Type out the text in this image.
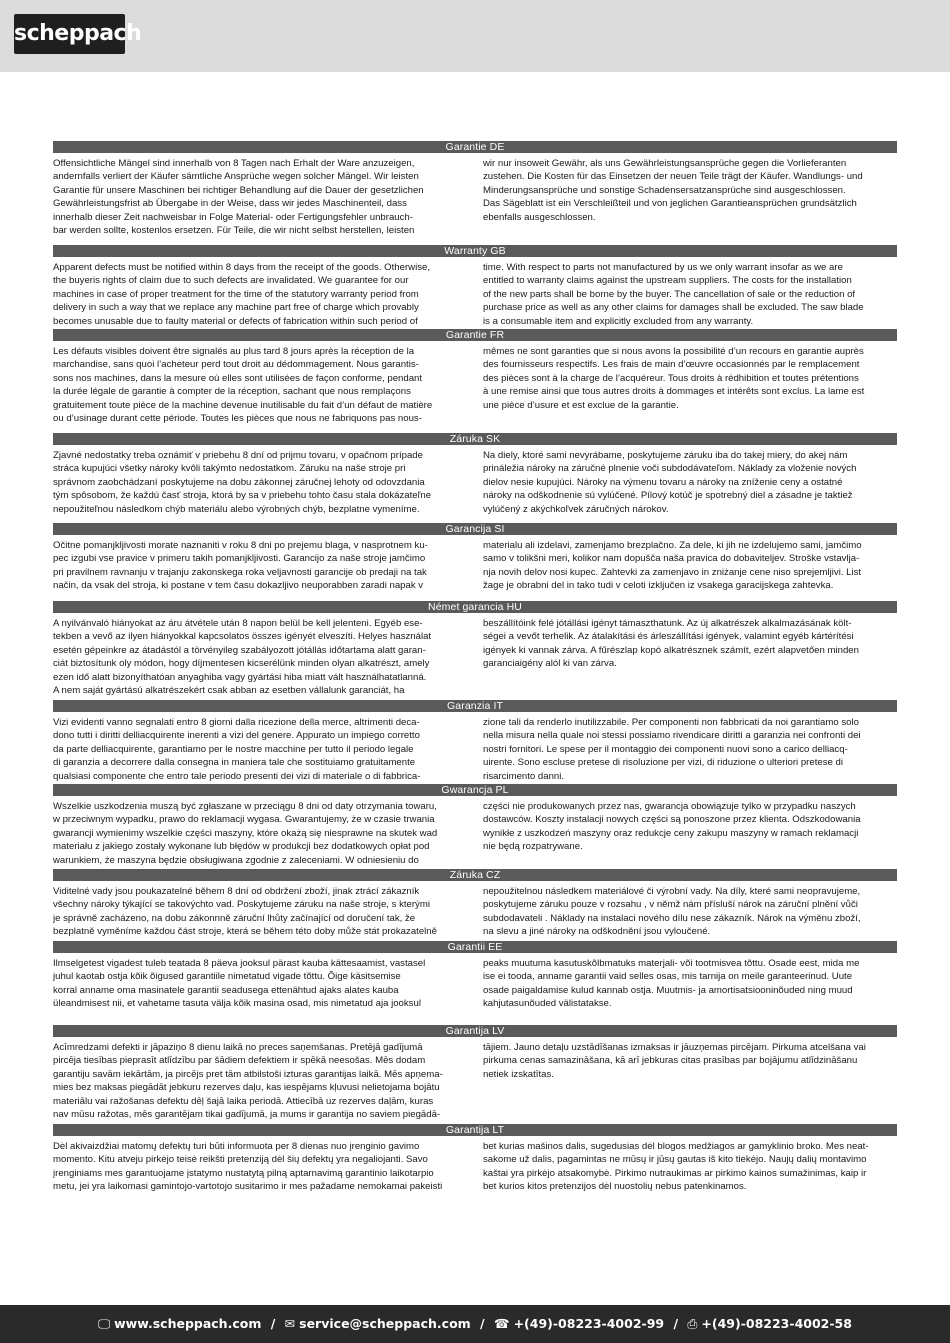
scheppach
Garantie DE
Offensichtliche Mängel sind innerhalb von 8 Tagen nach Erhalt der Ware anzuzeigen,
andernfalls verliert der Käufer sämtliche Ansprüche wegen solcher Mängel. Wir leisten
Garantie für unsere Maschinen bei richtiger Behandlung auf die Dauer der gesetzlichen
Gewährleistungsfrist ab Übergabe in der Weise, dass wir jedes Maschinenteil, dass
innerhalb dieser Zeit nachweisbar in Folge Material- oder Fertigungsfehler unbrauch-
bar werden sollte, kostenlos ersetzen. Für Teile, die wir nicht selbst herstellen, leisten
wir nur insoweit Gewähr, als uns Gewährleistungsansprüche gegen die Vorlieferanten
zustehen. Die Kosten für das Einsetzen der neuen Teile trägt der Käufer. Wandlungs- und
Minderungsansprüche und sonstige Schadensersatzansprüche sind ausgeschlossen.
Das Sägeblatt ist ein Verschleißteil und von jeglichen Garantieansprüchen grundsätzlich
ebenfalls ausgeschlossen.
Warranty GB
Apparent defects must be notified within 8 days from the receipt of the goods. Otherwise,
the buyeris rights of claim due to such defects are invalidated. We guarantee for our
machines in case of proper treatment for the time of the statutory warranty period from
delivery in such a way that we replace any machine part free of charge which provably
becomes unusable due to faulty material or defects of fabrication within such period of
time. With respect to parts not manufactured by us we only warrant insofar as we are
entitled to warranty claims against the upstream suppliers. The costs for the installation
of the new parts shall be borne by the buyer. The cancellation of sale or the reduction of
purchase price as well as any other claims for damages shall be excluded. The saw blade
is a consumable item and explicitly excluded from any warranty.
Garantie FR
Les défauts visibles doivent être signalés au plus tard 8 jours après la réception de la
marchandise, sans quoi l’acheteur perd tout droit au dédommagement. Nous garantis-
sons nos machines, dans la mesure où elles sont utilisées de façon conforme, pendant
la durée légale de garantie à compter de la réception, sachant que nous remplaçons
gratuitement toute pièce de la machine devenue inutilisable du fait d’un défaut de matière
ou d’usinage durant cette période. Toutes les pièces que nous ne fabriquons pas nous-
mêmes ne sont garanties que si nous avons la possibilité d’un recours en garantie auprès
des fournisseurs respectifs. Les frais de main d’œuvre occasionnés par le remplacement
des pièces sont à la charge de l’acquéreur. Tous droits à rédhibition et toutes prétentions
à une remise ainsi que tous autres droits à dommages et intérêts sont exclus. La lame est
une pièce d’usure et est exclue de la garantie.
Záruka SK
Zjavné nedostatky treba oznámiť v priebehu 8 dní od prijmu tovaru, v opačnom prípade
stráca kupujúci všetky nároky kvôli takýmto nedostatkom. Záruku na naše stroje pri
správnom zaobchádzaní poskytujeme na dobu zákonnej záručnej lehoty od odovzdania
tým spôsobom, že každú časť stroja, ktorá by sa v priebehu tohto času stala dokázateľne
nepoužiteľnou následkom chýb materiálu alebo výrobných chýb, bezplatne vymeníme.
Na diely, ktoré sami nevyrábame, poskytujeme záruku iba do takej miery, do akej nám
prináležia nároky na záručné plnenie voči subdodávateľom. Náklady za vloženie nových
dielov nesie kupujúci. Nároky na výmenu tovaru a nároky na zníženie ceny a ostatné
nároky na odškodnenie sú vylúčené. Pílový kotúč je spotrebný diel a zásadne je taktiež
vylúčený z akýchkoľvek záručných nárokov.
Garancija SI
Očitne pomanjkljivosti morate naznaniti v roku 8 dni po prejemu blaga, v nasprotnem ku-
pec izgubi vse pravice v primeru takih pomanjkljivosti. Garancijo za naše stroje jamčimo
pri pravilnem ravnanju v trajanju zakonskega roka veljavnosti garancije ob predaji na tak
način, da vsak del stroja, ki postane v tem času dokazljivo neuporabben zaradi napak v
materialu ali izdelavi, zamenjamo brezplačno. Za dele, ki jih ne izdelujemo sami, jamčimo
samo v tolikšni meri, kolikor nam dopušča naša pravica do dobaviteljev. Stroške vstavlja-
nja novih delov nosi kupec. Zahtevki za zamenjavo in zniżanje cene niso sprejemljivi. List
žage je obrabni del in tako tudi v celoti izključen iz vsakega garacijskega zahtevka.
Német garancia HU
A nyilvánvaló hiányokat az áru átvétele után 8 napon belül be kell jelenteni. Egyéb ese-
tekben a vevő az ilyen hiányokkal kapcsolatos összes igényét elveszíti. Helyes használat
esetén gépeinkre az átadástól a törvényileg szabályozott jótállás időtartama alatt garan-
ciát biztosítunk oly módon, hogy díjmentesen kicserélünk minden olyan alkatrészt, amely
ezen idő alatt bizonyíthatóan anyaghiba vagy gyártási hiba miatt vált használhatatlanná.
A nem saját gyártású alkatrészekért csak abban az esetben vállalunk garanciát, ha
beszállítóink felé jótállási igényt támaszthatunk. Az új alkatrészek alkalmazásának költ-
ségei a vevőt terhelik. Az átalakítási és árleszállítási igények, valamint egyéb kártérítési
igények ki vannak zárva. A fűrészlap kopó alkatrésznek számít, ezért alapvetően minden
garanciaigény alól ki van zárva.
Garanzia IT
Vizi evidenti vanno segnalati entro 8 giorni dalla ricezione della merce, altrimenti deca-
dono tutti i diritti delliacquirente inerenti a vizi del genere. Appurato un impiego corretto
da parte delliacquirente, garantiamo per le nostre macchine per tutto il periodo legale
di garanzia a decorrere dalla consegna in maniera tale che sostituiamo gratuitamente
qualsiasi componente che entro tale periodo presenti dei vizi di materiale o di fabbrica-
zione tali da renderlo inutilizzabile. Per componenti non fabbricati da noi garantiamo solo
nella misura nella quale noi stessi possiamo rivendicare diritti a garanzia nei confronti dei
nostri fornitori. Le spese per il montaggio dei componenti nuovi sono a carico delliacq-
uirente. Sono escluse pretese di risoluzione per vizi, di riduzione o ulteriori pretese di
risarcimento danni.
Gwarancja PL
Wszelkie uszkodzenia muszą być zgłaszane w przeciągu 8 dni od daty otrzymania towaru,
w przeciwnym wypadku, prawo do reklamacji wygasa. Gwarantujemy, że w czasie trwania
gwarancji wymienimy wszelkie części maszyny, które okażą się niesprawne na skutek wad
materiału z jakiego zostały wykonane lub błędów w produkcji bez dodatkowych opłat pod
warunkiem, że maszyna będzie obsługiwana zgodnie z zaleceniami. W odniesieniu do
części nie produkowanych przez nas, gwarancja obowiązuje tylko w przypadku naszych
dostawców. Koszty instalacji nowych części są ponoszone przez klienta. Odszkodowania
wynikłe z uszkodzeń maszyny oraz redukcje ceny zakupu maszyny w ramach reklamacji
nie będą rozpatrywane.
Záruka CZ
Viditelné vady jsou poukazatelné během 8 dní od obdržení zboží, jinak ztrácí zákazník
všechny nároky týkající se takovýchto vad. Poskytujeme záruku na naše stroje, s kterými
je správně zacházeno, na dobu zákonnně záruční lhůty začínající od doručení tak, že
bezplatně vyměníme každou část stroje, která se během této doby může stát prokazatelně
nepoužitelnou následkem materiálové či výrobní vady. Na díly, které sami neopravujeme,
poskytujeme záruku pouze v rozsahu , v němž nám přísluší nárok na záruční plnění vůči
subdodavateli . Náklady na instalaci nového dílu nese zákazník. Nárok na výměnu zboží,
na slevu a jiné nároky na odškodnění jsou vyloučené.
Garantii EE
Ilmselgetest vigadest tuleb teatada 8 päeva jooksul pärast kauba kättesaamist, vastasel
juhul kaotab ostja kõik õigused garantiile nimetatud vigade tõttu. Õige käsitsemise
korral anname oma masinatele garantii seadusega ettenähtud ajaks alates kauba
üleandmisest nii, et vahetame tasuta välja kõik masina osad, mis nimetatud aja jooksul
peaks muutuma kasutuskõlbmatuks materjali- või tootmisvea tõttu. Osade eest, mida me
ise ei tooda, anname garantii vaid selles osas, mis tarnija on meile garanteerinud. Uute
osade paigaldamise kulud kannab ostja. Muutmis- ja amortisatsiooninõuded ning muud
kahjutasunõuded välistatakse.
Garantija LV
Acīmredzami defekti ir jāpaziņo 8 dienu laikā no preces saņemšanas. Pretējā gadījumā
pircēja tiesības pieprasīt atlīdzību par šādiem defektiem ir spēkā neesošas. Mēs dodam
garantiju savām iekārtām, ja pircējs pret tām atbilstoši izturas garantijas laikā. Mēs apņema-
mies bez maksas piegādāt jebkuru rezerves daļu, kas iespējams kļuvusi nelietojama bojātu
materiālu vai ražošanas defektu dēļ šajā laika periodā. Attiecībā uz rezerves daļām, kuras
nav mūsu ražotas, mēs garantējam tikai gadījumā, ja mums ir garantija no saviem piegādā-
tājiem. Jauno detaļu uzstādīšanas izmaksas ir jāuzņemas pircējam. Pirkuma atcelšana vai
pirkuma cenas samazināšana, kā arī jebkuras citas prasības par bojājumu atlīdzināšanu
netiek izskatītas.
Garantija LT
Dėl akivaizdžiai matomų defektų turi būti informuota per 8 dienas nuo įrenginio gavimo
momento. Kitu atveju pirkėjo teisė reikšti pretenziją dėl šių defektų yra negaliojanti. Savo
įrenginiams mes garantuojame įstatymo nustatytą pilną aptarnavimą garantinio laikotarpio
metu, jei yra laikomasi gamintojo-vartotojo susitarimo ir mes pažadame nemokamai pakeisti
bet kurias mašinos dalis, sugedusias dėl blogos medžiagos ar gamyklinio broko. Mes neat-
sakome už dalis, pagamintas ne mūsų ir jūsų gautas iš kito tiekėjo. Naujų dalių montavimo
kaštai yra pirkėjo atsakomybė. Pirkimo nutraukimas ar pirkimo kainos sumažinimas, kaip ir
bet kurios kitos pretenzijos dėl nuostolių nebus patenkinamos.
🖵 www.scheppach.com / ✉ service@scheppach.com / ☎ +(49)-08223-4002-99 / ⎙ +(49)-08223-4002-58
